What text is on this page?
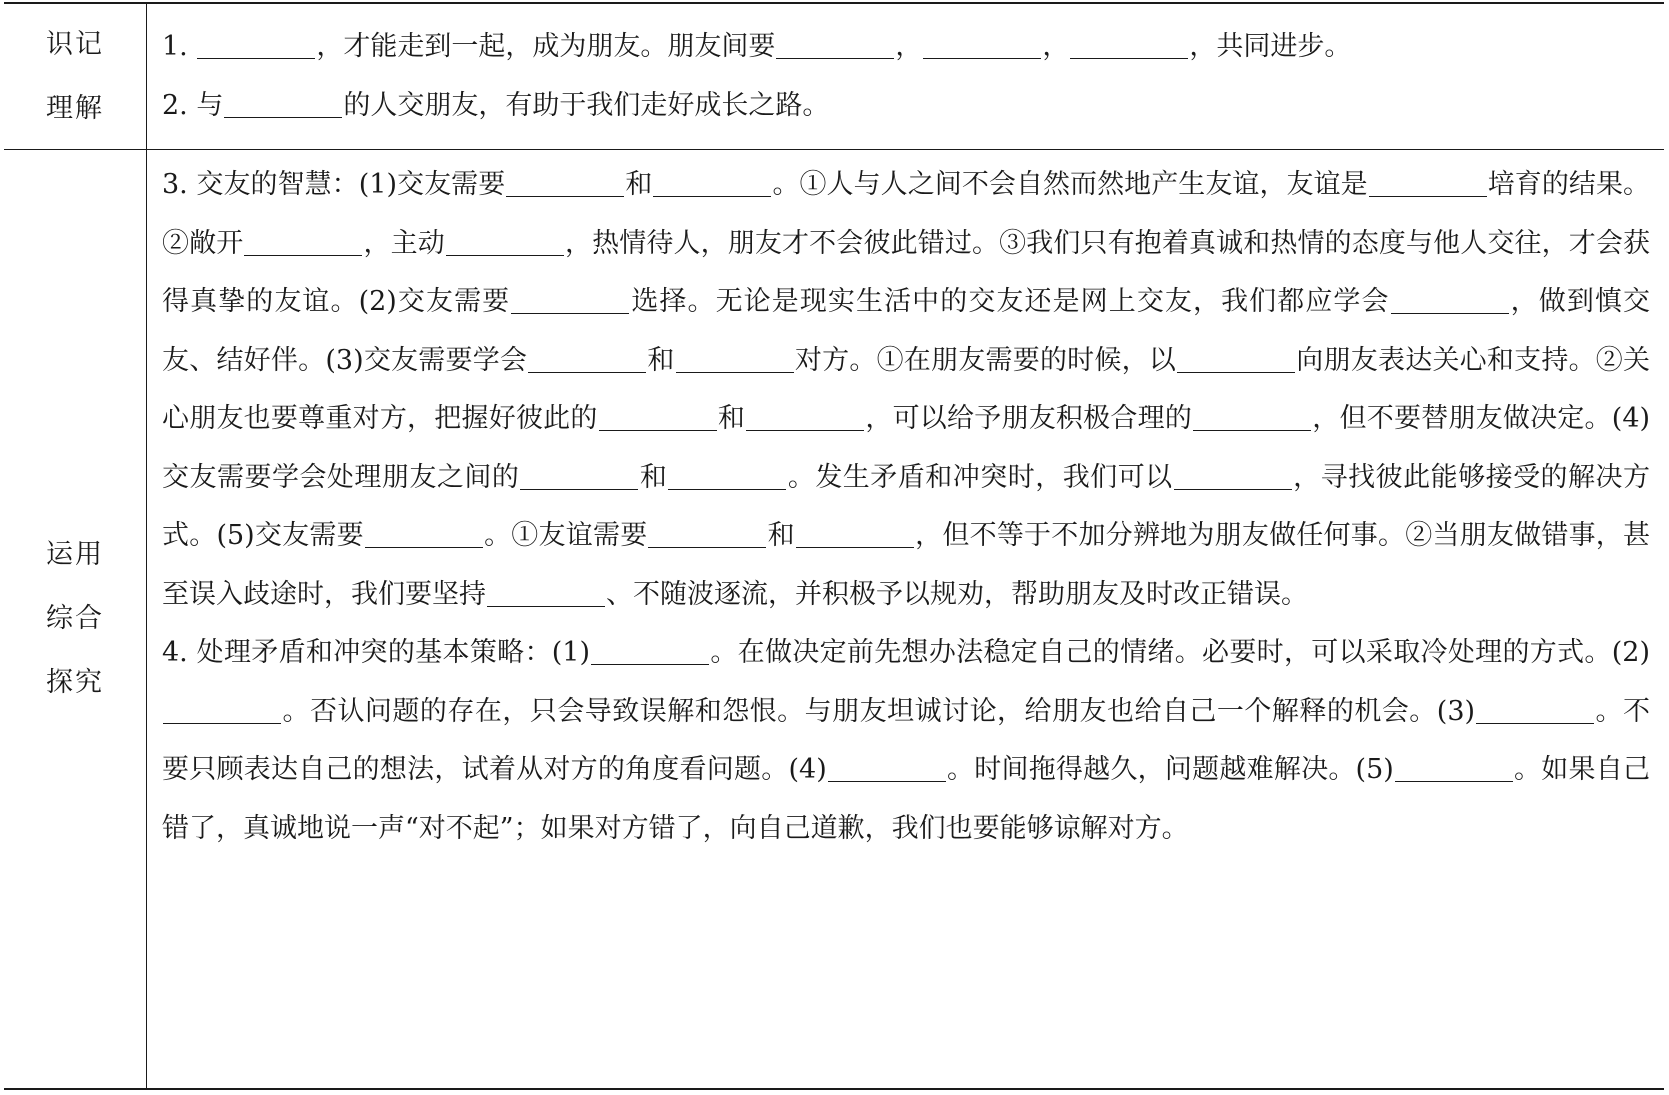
识记
理解

1.	，才能走到一起，成为朋友。朋友间要	，	，	，共同进步。

2. 与	的人交朋友，有助于我们走好成长之路。

运用
综合
探究

3. 交友的智慧：(1)交友需要	和	。①人与人之间不会自然而然地产生友谊，友谊是	培育的结果。②敞开	，主动	，热情待人，朋友才不会彼此错过。③我们只有抱着真诚和热情的态度与他人交往，才会获得真挚的友谊。(2)交友需要	选择。无论是现实生活中的交友还是网上交友，我们都应学会	，做到慎交友、结好伴。(3)交友需要学会	和	对方。①在朋友需要的时候，以	向朋友表达关心和支持。②关心朋友也要尊重对方，把握好彼此的	和	，可以给予朋友积极合理的	，但不要替朋友做决定。(4)交友需要学会处理朋友之间的	和	。发生矛盾和冲突时，我们可以	，寻找彼此能够接受的解决方式。(5)交友需要	。①友谊需要	和	，但不等于不加分辨地为朋友做任何事。②当朋友做错事，甚至误入歧途时，我们要坚持	、不随波逐流，并积极予以规劝，帮助朋友及时改正错误。

4. 处理矛盾和冲突的基本策略：(1)	。在做决定前先想办法稳定自己的情绪。必要时，可以采取冷处理的方式。(2)。否认问题的存在，只会导致误解和怨恨。与朋友坦诚讨论，给朋友也给自己一个解释的机会。(3)	。不要只顾表达自己的想法，试着从对方的角度看问题。(4)	。时间拖得越久，问题越难解决。(5)	。如果自己错了，真诚地说一声“对不起”；如果对方错了，向自己道歉，我们也要能够谅解对方。
